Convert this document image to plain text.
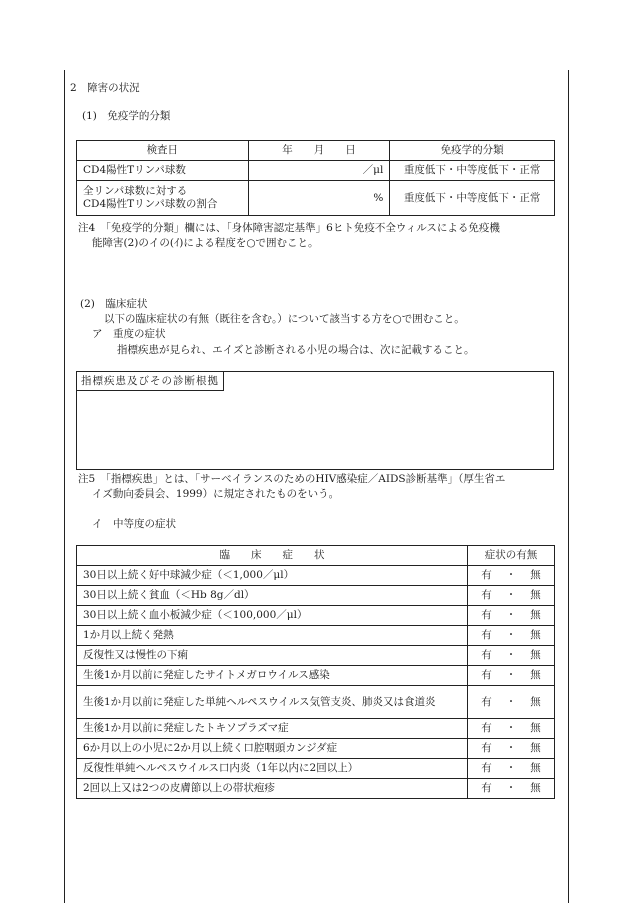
2　障害の状況
(1)　免疫学的分類
検査日	年　　月　　日	免疫学的分類
CD4陽性Tリンパ球数	／μl	重度低下・中等度低下・正常

全リンパ球数に対する
CD4陽性Tリンパ球数の割合	%	重度低下・中等度低下・正常
注4　「免疫学的分類」欄には、「身体障害認定基準」6ヒト免疫不全ウィルスによる免疫機
能障害(2)のイの(ｲ)による程度を○で囲むこと。
(2)　臨床症状
以下の臨床症状の有無（既往を含む。）について該当する方を○で囲むこと。
ア　重度の症状
指標疾患が見られ、エイズと診断される小児の場合は、次に記載すること。
指標疾患及びその診断根拠
注5　「指標疾患」とは、「サーベイランスのためのHIV感染症／AIDS診断基準」（厚生省エ
イズ動向委員会、1999）に規定されたものをいう。
イ　中等度の症状
臨　　床　　症　　状	症状の有無
30日以上続く好中球減少症（＜1,000／μl）	有 ・ 無
30日以上続く貧血（＜Hb 8g／dl）	有 ・ 無
30日以上続く血小板減少症（＜100,000／μl）	有 ・ 無
1か月以上続く発熱	有 ・ 無
反復性又は慢性の下痢	有 ・ 無
生後1か月以前に発症したサイトメガロウイルス感染	有 ・ 無
生後1か月以前に発症した単純ヘルペスウイルス気管支炎、肺炎又は食道炎	有 ・ 無
生後1か月以前に発症したトキソプラズマ症	有 ・ 無
6か月以上の小児に2か月以上続く口腔咽頭カンジダ症	有 ・ 無
反復性単純ヘルペスウイルス口内炎（1年以内に2回以上）	有 ・ 無
2回以上又は2つの皮膚節以上の帯状疱疹	有 ・ 無
